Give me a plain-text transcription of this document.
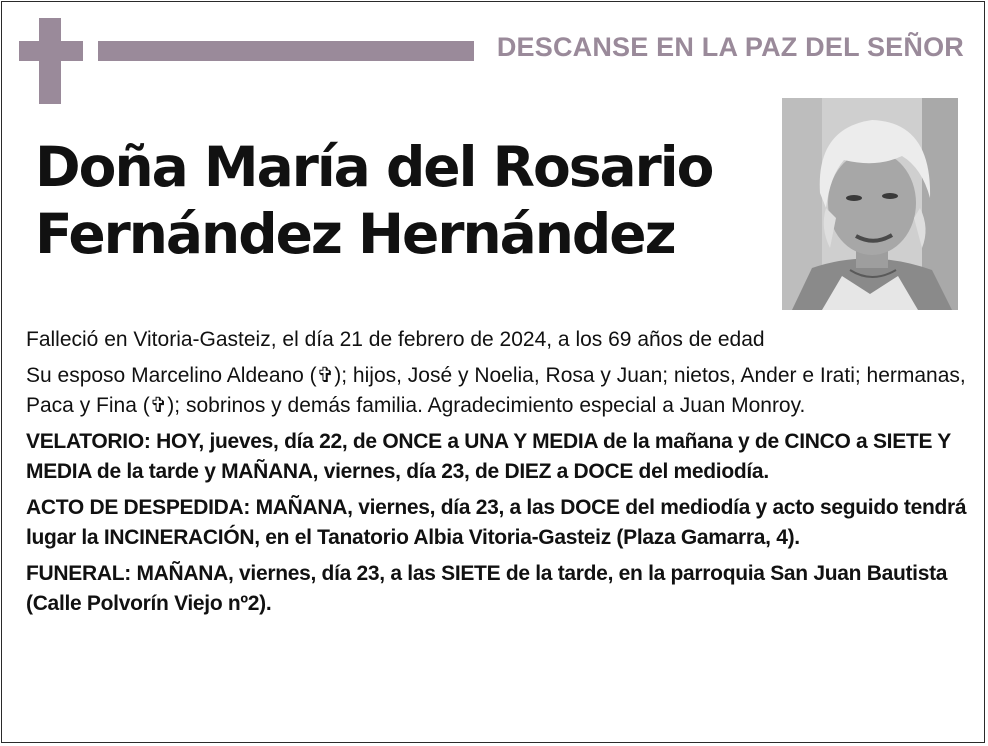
DESCANSE EN LA PAZ DEL SEÑOR
Doña María del Rosario
Fernández Hernández

Falleció en Vitoria-Gasteiz, el día 21 de febrero de 2024, a los 69 años de edad

Su esposo Marcelino Aldeano (✞); hijos, José y Noelia, Rosa y Juan; nietos, Ander e Irati; hermanas, Paca y Fina (✞); sobrinos y demás familia. Agradecimiento especial a Juan Monroy.

VELATORIO: HOY, jueves, día 22, de ONCE a UNA Y MEDIA de la mañana y de CINCO a SIETE Y MEDIA de la tarde y MAÑANA, viernes, día 23, de DIEZ a DOCE del mediodía.

ACTO DE DESPEDIDA: MAÑANA, viernes, día 23, a las DOCE del mediodía y acto seguido tendrá lugar la INCINERACIÓN, en el Tanatorio Albia Vitoria-Gasteiz (Plaza Gamarra, 4).

FUNERAL: MAÑANA, viernes, día 23, a las SIETE de la tarde, en la parroquia San Juan Bautista (Calle Polvorín Viejo nº2).
